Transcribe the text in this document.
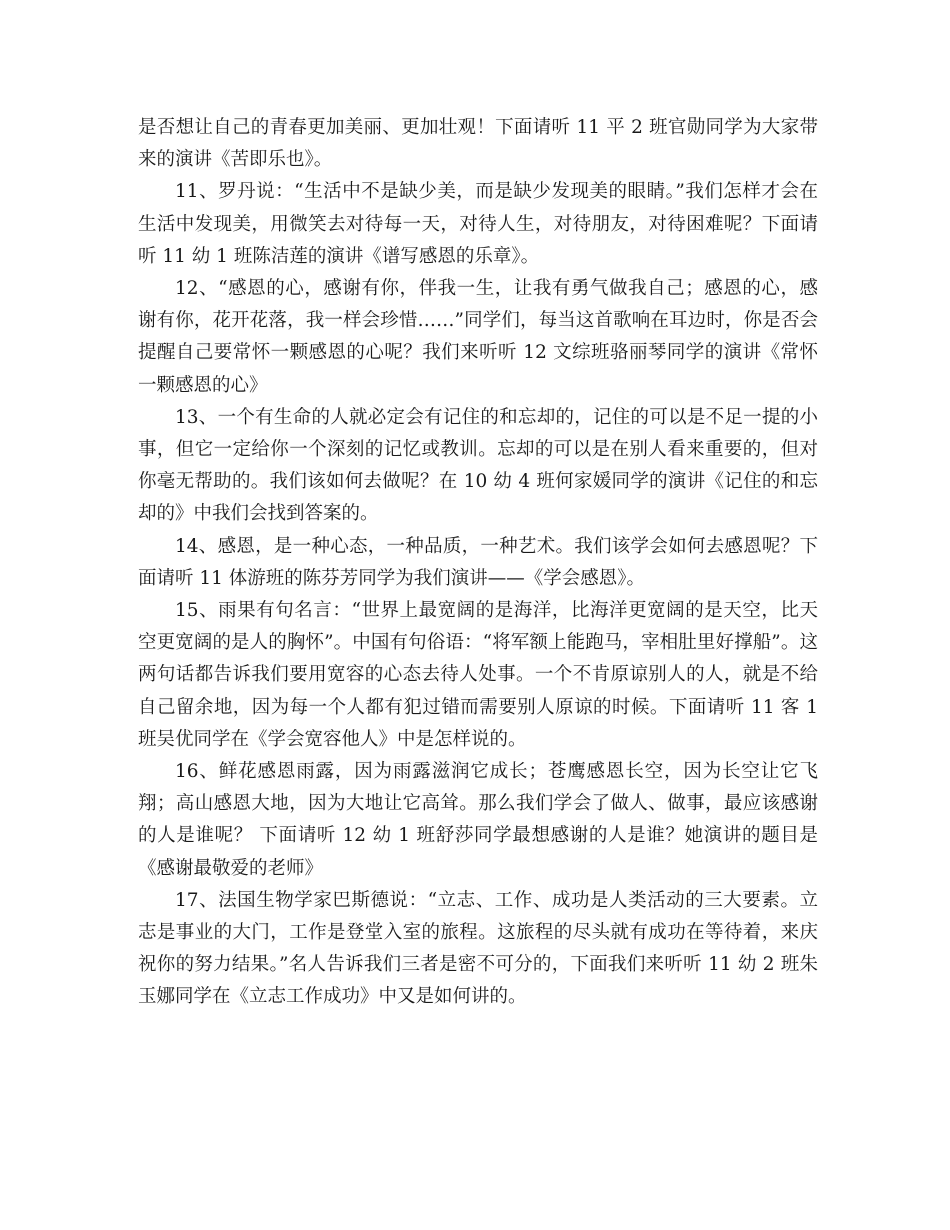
是否想让自己的青春更加美丽、更加壮观！下面请听 11 平 2 班官勋同学为大家带来的演讲《苦即乐也》。

11、罗丹说：“生活中不是缺少美，而是缺少发现美的眼睛。”我们怎样才会在生活中发现美，用微笑去对待每一天，对待人生，对待朋友，对待困难呢？下面请听 11 幼 1 班陈洁莲的演讲《谱写感恩的乐章》。

12、“感恩的心，感谢有你，伴我一生，让我有勇气做我自己；感恩的心，感谢有你，花开花落，我一样会珍惜……”同学们，每当这首歌响在耳边时，你是否会提醒自己要常怀一颗感恩的心呢？我们来听听 12 文综班骆丽琴同学的演讲《常怀一颗感恩的心》

13、一个有生命的人就必定会有记住的和忘却的，记住的可以是不足一提的小事，但它一定给你一个深刻的记忆或教训。忘却的可以是在别人看来重要的，但对你毫无帮助的。我们该如何去做呢？在 10 幼 4 班何家媛同学的演讲《记住的和忘却的》中我们会找到答案的。

14、感恩，是一种心态，一种品质，一种艺术。我们该学会如何去感恩呢？下面请听 11 体游班的陈芬芳同学为我们演讲——《学会感恩》。

15、雨果有句名言：“世界上最宽阔的是海洋，比海洋更宽阔的是天空，比天空更宽阔的是人的胸怀”。中国有句俗语：“将军额上能跑马，宰相肚里好撑船”。这两句话都告诉我们要用宽容的心态去待人处事。一个不肯原谅别人的人，就是不给自己留余地，因为每一个人都有犯过错而需要别人原谅的时候。下面请听 11 客 1 班吴优同学在《学会宽容他人》中是怎样说的。

16、鲜花感恩雨露，因为雨露滋润它成长；苍鹰感恩长空，因为长空让它飞翔；高山感恩大地，因为大地让它高耸。那么我们学会了做人、做事，最应该感谢的人是谁呢？ 下面请听 12 幼 1 班舒莎同学最想感谢的人是谁？她演讲的题目是《感谢最敬爱的老师》

17、法国生物学家巴斯德说：“立志、工作、成功是人类活动的三大要素。立志是事业的大门，工作是登堂入室的旅程。这旅程的尽头就有成功在等待着，来庆祝你的努力结果。”名人告诉我们三者是密不可分的，下面我们来听听 11 幼 2 班朱玉娜同学在《立志工作成功》中又是如何讲的。
